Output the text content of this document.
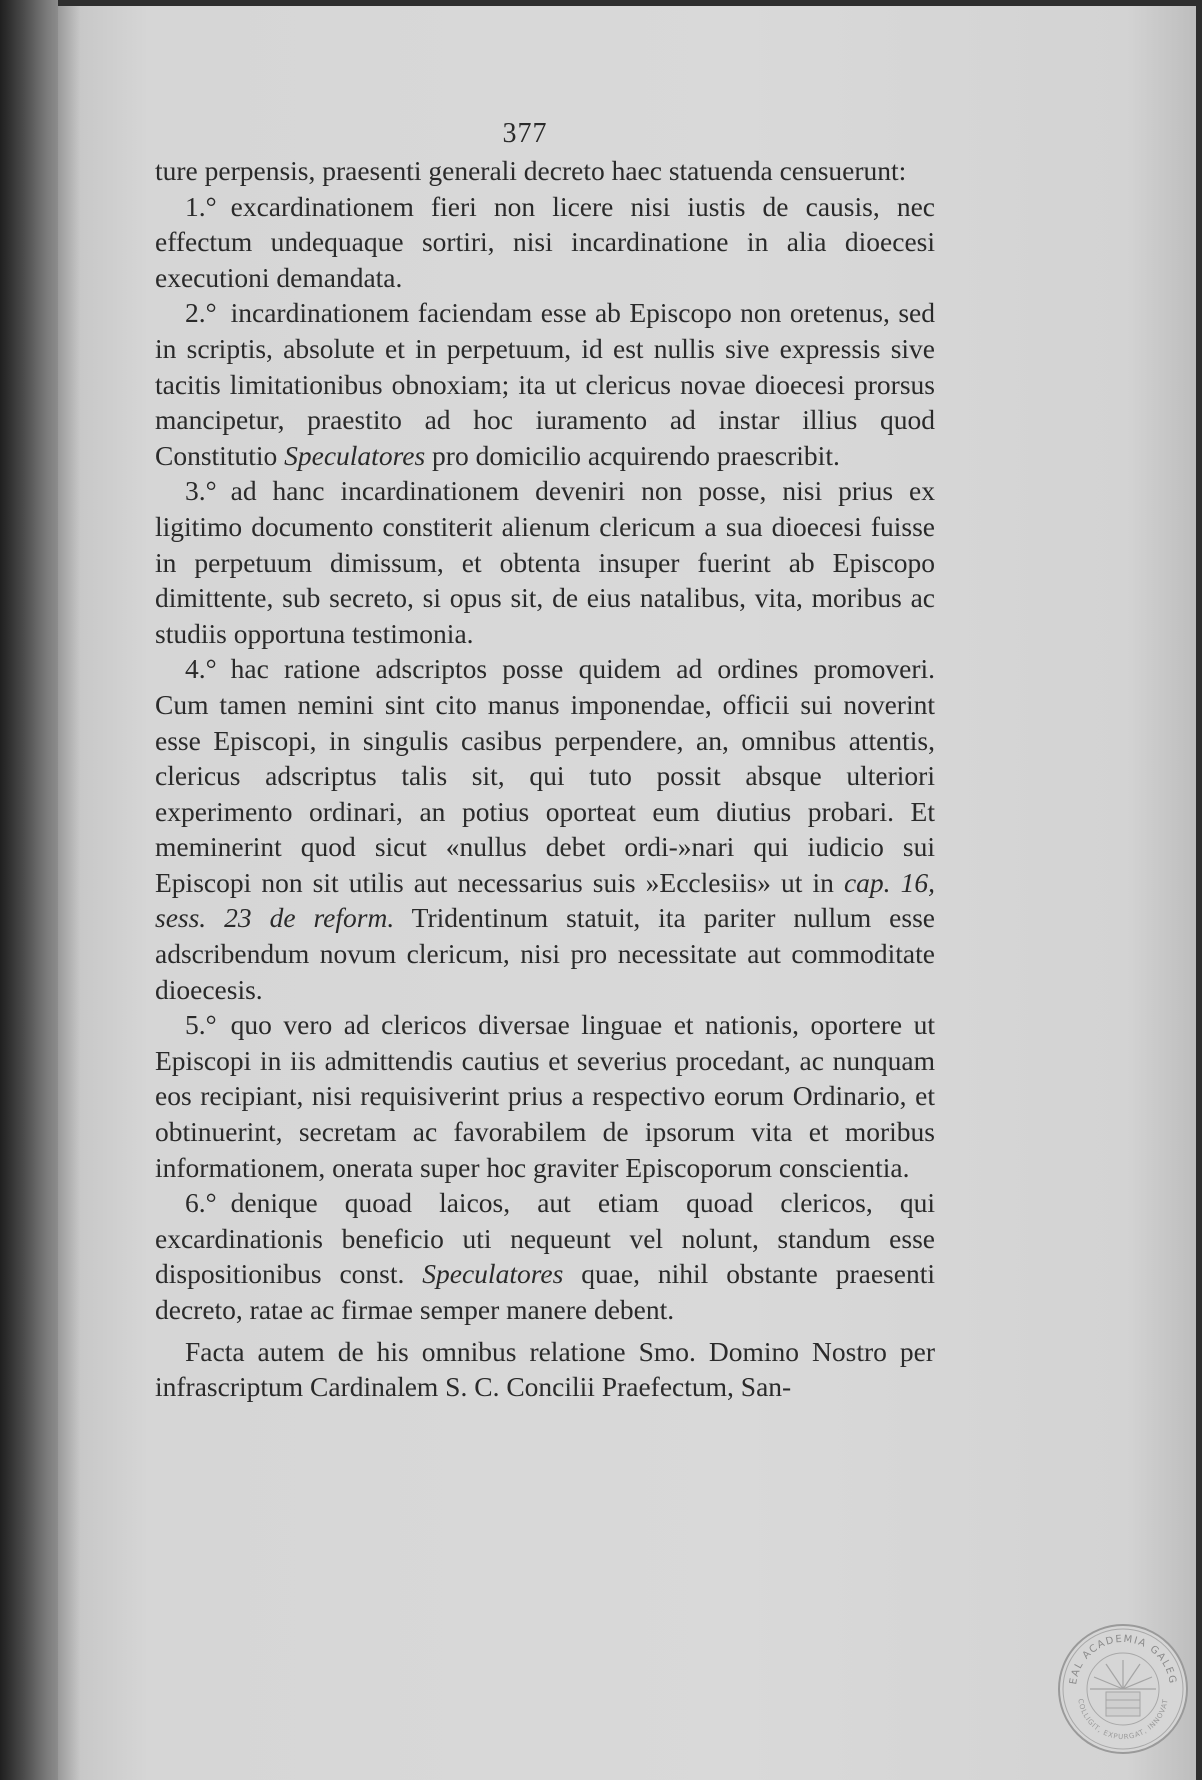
377

ture perpensis, praesenti generali decreto haec statuenda censuerunt:

1.° excardinationem fieri non licere nisi iustis de causis, nec effectum undequaque sortiri, nisi incardinatione in alia dioecesi executioni demandata.

2.° incardinationem faciendam esse ab Episcopo non oretenus, sed in scriptis, absolute et in perpetuum, id est nullis sive expressis sive tacitis limitationibus obnoxiam; ita ut clericus novae dioecesi prorsus mancipetur, praestito ad hoc iuramento ad instar illius quod Constitutio Speculatores pro domicilio acquirendo praescribit.

3.° ad hanc incardinationem deveniri non posse, nisi prius ex ligitimo documento constiterit alienum clericum a sua dioecesi fuisse in perpetuum dimissum, et obtenta insuper fuerint ab Episcopo dimittente, sub secreto, si opus sit, de eius natalibus, vita, moribus ac studiis opportuna testimonia.

4.° hac ratione adscriptos posse quidem ad ordines promoveri. Cum tamen nemini sint cito manus imponendae, officii sui noverint esse Episcopi, in singulis casibus perpendere, an, omnibus attentis, clericus adscriptus talis sit, qui tuto possit absque ulteriori experimento ordinari, an potius oporteat eum diutius probari. Et meminerint quod sicut «nullus debet ordi-»nari qui iudicio sui Episcopi non sit utilis aut necessarius suis »Ecclesiis» ut in cap. 16, sess. 23 de reform. Tridentinum statuit, ita pariter nullum esse adscribendum novum clericum, nisi pro necessitate aut commoditate dioecesis.

5.° quo vero ad clericos diversae linguae et nationis, oportere ut Episcopi in iis admittendis cautius et severius procedant, ac nunquam eos recipiant, nisi requisiverint prius a respectivo eorum Ordinario, et obtinuerint, secretam ac favorabilem de ipsorum vita et moribus informationem, onerata super hoc graviter Episcoporum conscientia.

6.° denique quoad laicos, aut etiam quoad clericos, qui excardinationis beneficio uti nequeunt vel nolunt, standum esse dispositionibus const. Speculatores quae, nihil obstante praesenti decreto, ratae ac firmae semper manere debent.

Facta autem de his omnibus relatione Smo. Domino Nostro per infrascriptum Cardinalem S. C. Concilii Praefectum, San-

EAL ACADEMIA GALEG
COLLIGIT, EXPURGAT, INNOVAT
